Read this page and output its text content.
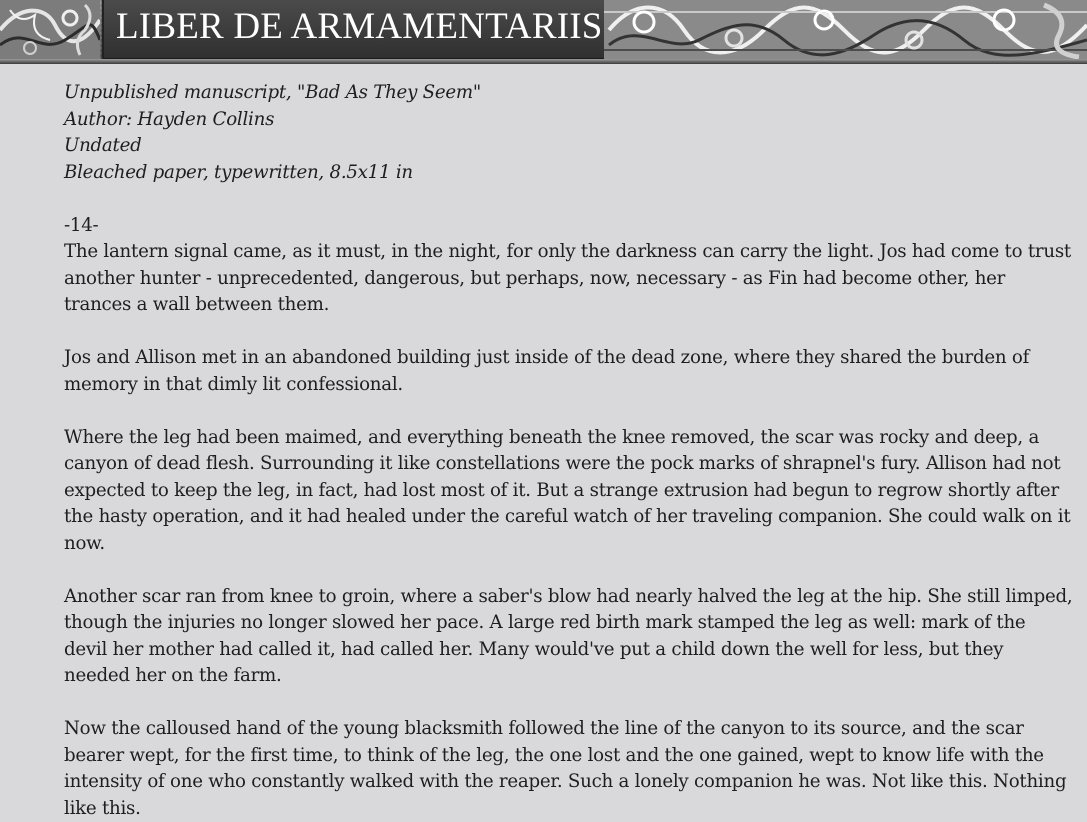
LIBER DE ARMAMENTARIIS
Unpublished manuscript, "Bad As They Seem"
Author: Hayden Collins
Undated
Bleached paper, typewritten, 8.5x11 in
-14-

The lantern signal came, as it must, in the night, for only the darkness can carry the light. Jos had come to trust another hunter - unprecedented, dangerous, but perhaps, now, necessary - as Fin had become other, her trances a wall between them.

Jos and Allison met in an abandoned building just inside of the dead zone, where they shared the burden of memory in that dimly lit confessional.

Where the leg had been maimed, and everything beneath the knee removed, the scar was rocky and deep, a canyon of dead flesh. Surrounding it like constellations were the pock marks of shrapnel's fury. Allison had not expected to keep the leg, in fact, had lost most of it. But a strange extrusion had begun to regrow shortly after the hasty operation, and it had healed under the careful watch of her traveling companion. She could walk on it now.

Another scar ran from knee to groin, where a saber's blow had nearly halved the leg at the hip. She still limped, though the injuries no longer slowed her pace. A large red birth mark stamped the leg as well: mark of the devil her mother had called it, had called her. Many would've put a child down the well for less, but they needed her on the farm.

Now the calloused hand of the young blacksmith followed the line of the canyon to its source, and the scar bearer wept, for the first time, to think of the leg, the one lost and the one gained, wept to know life with the intensity of one who constantly walked with the reaper. Such a lonely companion he was. Not like this. Nothing like this.
